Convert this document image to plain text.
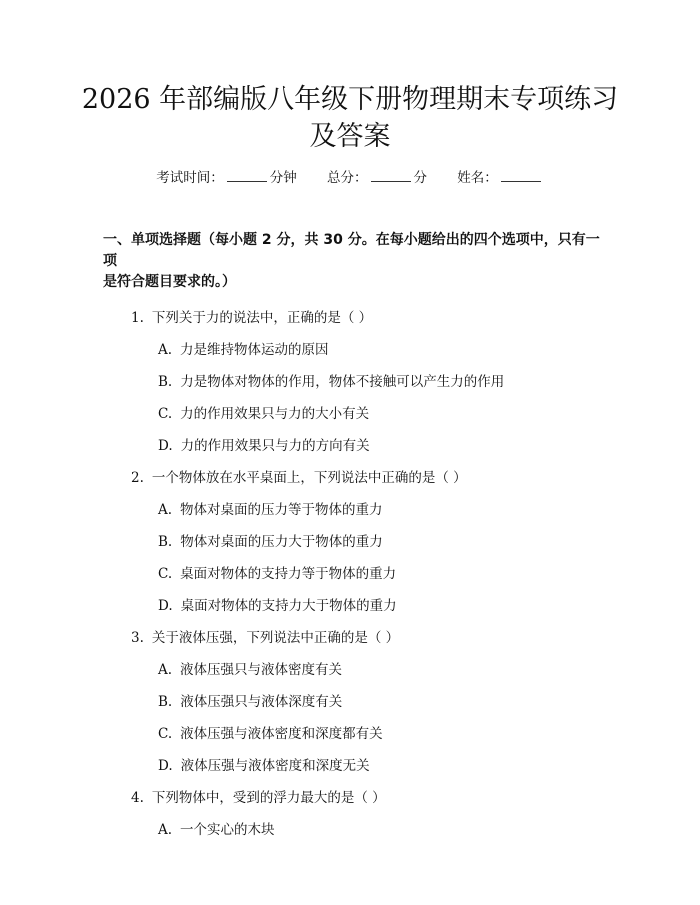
2026 年部编版八年级下册物理期末专项练习
及答案
考试时间：	分钟 总分：	分 姓名：

一、单项选择题（每小题 2 分，共 30 分。在每小题给出的四个选项中，只有一项

是符合题目要求的。）

1. 下列关于力的说法中，正确的是（ ）
A. 力是维持物体运动的原因
B. 力是物体对物体的作用，物体不接触可以产生力的作用
C. 力的作用效果只与力的大小有关
D. 力的作用效果只与力的方向有关
2. 一个物体放在水平桌面上，下列说法中正确的是（ ）
A. 物体对桌面的压力等于物体的重力
B. 物体对桌面的压力大于物体的重力
C. 桌面对物体的支持力等于物体的重力
D. 桌面对物体的支持力大于物体的重力
3. 关于液体压强，下列说法中正确的是（ ）
A. 液体压强只与液体密度有关
B. 液体压强只与液体深度有关
C. 液体压强与液体密度和深度都有关
D. 液体压强与液体密度和深度无关
4. 下列物体中，受到的浮力最大的是（ ）
A. 一个实心的木块
